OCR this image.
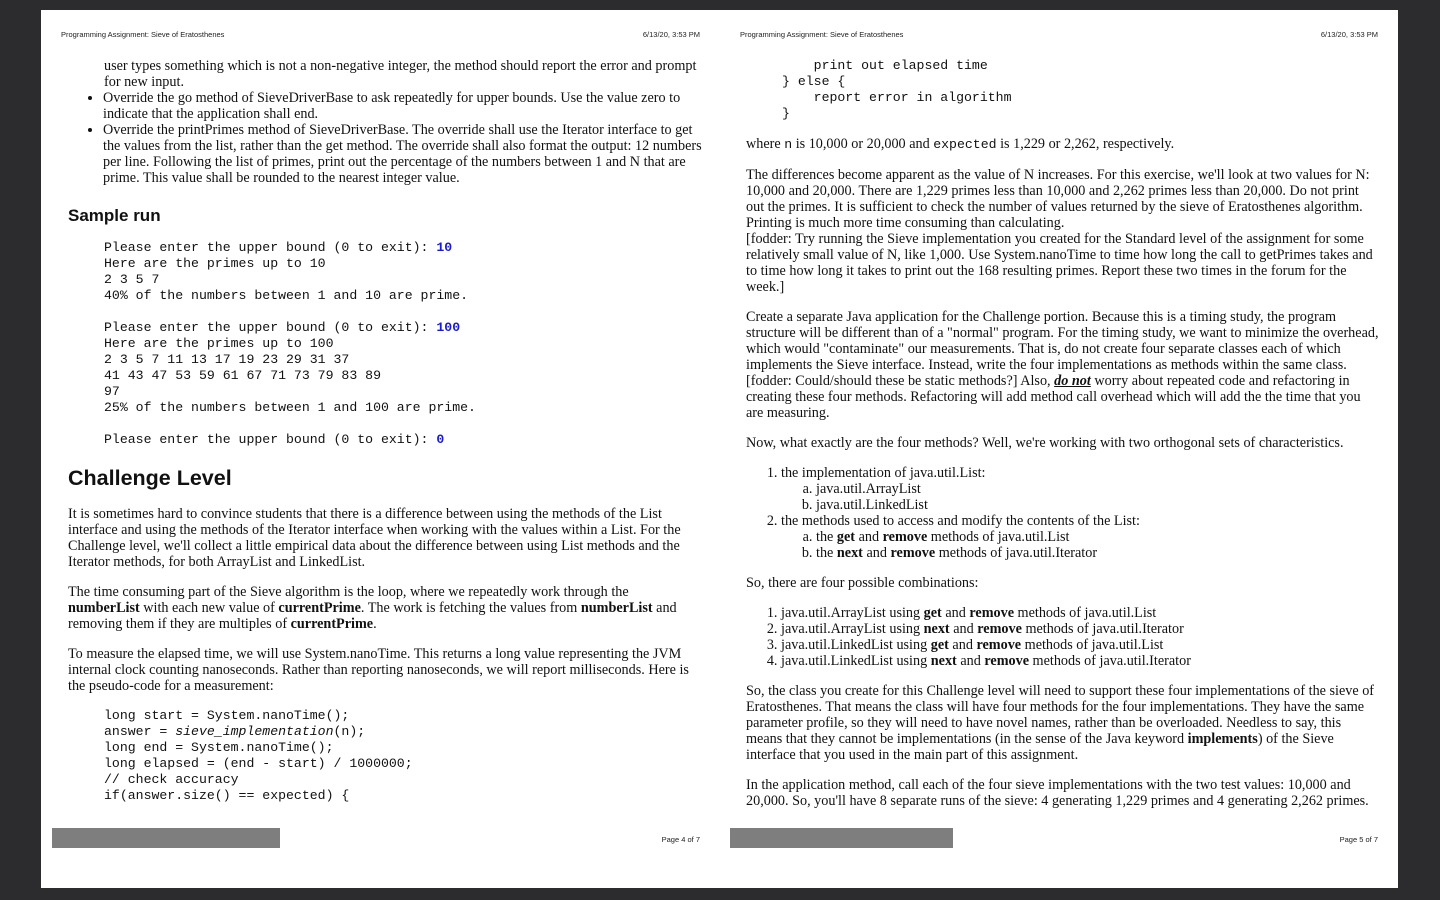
Programming Assignment: Sieve of Eratosthenes	6/13/20, 3:53 PM
user types something which is not a non-negative integer, the method should report the error and prompt for new input.
• Override the go method of SieveDriverBase to ask repeatedly for upper bounds. Use the value zero to indicate that the application shall end.
• Override the printPrimes method of SieveDriverBase. The override shall use the Iterator interface to get the values from the list, rather than the get method. The override shall also format the output: 12 numbers per line. Following the list of primes, print out the percentage of the numbers between 1 and N that are prime. This value shall be rounded to the nearest integer value.
Sample run
Please enter the upper bound (0 to exit): 10
Here are the primes up to 10
2 3 5 7
40% of the numbers between 1 and 10 are prime.

Please enter the upper bound (0 to exit): 100
Here are the primes up to 100
2 3 5 7 11 13 17 19 23 29 31 37
41 43 47 53 59 61 67 71 73 79 83 89
97
25% of the numbers between 1 and 100 are prime.

Please enter the upper bound (0 to exit): 0
Challenge Level

It is sometimes hard to convince students that there is a difference between using the methods of the List interface and using the methods of the Iterator interface when working with the values within a List. For the Challenge level, we'll collect a little empirical data about the difference between using List methods and the Iterator methods, for both ArrayList and LinkedList.

The time consuming part of the Sieve algorithm is the loop, where we repeatedly work through the numberList with each new value of currentPrime. The work is fetching the values from numberList and removing them if they are multiples of currentPrime.

To measure the elapsed time, we will use System.nanoTime. This returns a long value representing the JVM internal clock counting nanoseconds. Rather than reporting nanoseconds, we will report milliseconds. Here is the pseudo-code for a measurement:

long start = System.nanoTime();
answer = sieve_implementation(n);
long end = System.nanoTime();
long elapsed = (end - start) / 1000000;
// check accuracy
if(answer.size() == expected) {
Page 4 of 7
Programming Assignment: Sieve of Eratosthenes	6/13/20, 3:53 PM
print out elapsed time
} else {
report error in algorithm
}

where n is 10,000 or 20,000 and expected is 1,229 or 2,262, respectively.

The differences become apparent as the value of N increases. For this exercise, we'll look at two values for N: 10,000 and 20,000. There are 1,229 primes less than 10,000 and 2,262 primes less than 20,000. Do not print out the primes. It is sufficient to check the number of values returned by the sieve of Eratosthenes algorithm. Printing is much more time consuming than calculating.

[fodder: Try running the Sieve implementation you created for the Standard level of the assignment for some relatively small value of N, like 1,000. Use System.nanoTime to time how long the call to getPrimes takes and to time how long it takes to print out the 168 resulting primes. Report these two times in the forum for the week.]

Create a separate Java application for the Challenge portion. Because this is a timing study, the program structure will be different than of a "normal" program. For the timing study, we want to minimize the overhead, which would "contaminate" our measurements. That is, do not create four separate classes each of which implements the Sieve interface. Instead, write the four implementations as methods within the same class. [fodder: Could/should these be static methods?] Also, do not worry about repeated code and refactoring in creating these four methods. Refactoring will add method call overhead which will add the the time that you are measuring.

Now, what exactly are the four methods? Well, we're working with two orthogonal sets of characteristics.

1. the implementation of java.util.List:
a. java.util.ArrayList
b. java.util.LinkedList
2. the methods used to access and modify the contents of the List:
a. the get and remove methods of java.util.List
b. the next and remove methods of java.util.Iterator

So, there are four possible combinations:

1. java.util.ArrayList using get and remove methods of java.util.List
2. java.util.ArrayList using next and remove methods of java.util.Iterator
3. java.util.LinkedList using get and remove methods of java.util.List
4. java.util.LinkedList using next and remove methods of java.util.Iterator

So, the class you create for this Challenge level will need to support these four implementations of the sieve of Eratosthenes. That means the class will have four methods for the four implementations. They have the same parameter profile, so they will need to have novel names, rather than be overloaded. Needless to say, this means that they cannot be implementations (in the sense of the Java keyword implements) of the Sieve interface that you used in the main part of this assignment.

In the application method, call each of the four sieve implementations with the two test values: 10,000 and 20,000. So, you'll have 8 separate runs of the sieve: 4 generating 1,229 primes and 4 generating 2,262 primes.

Page 5 of 7
